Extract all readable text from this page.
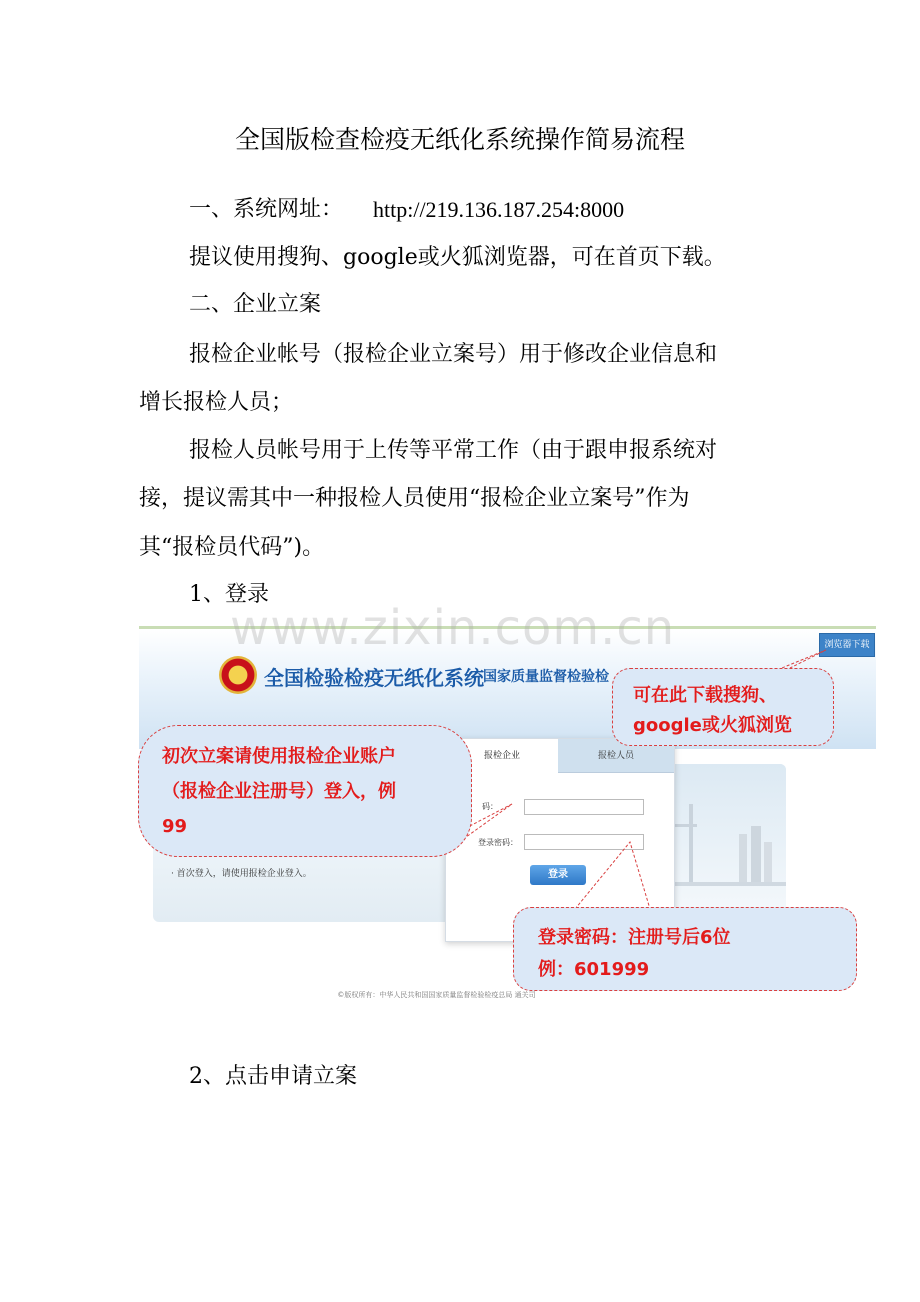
全国版检查检疫无纸化系统操作简易流程
一、系统网址： http://219.136.187.254:8000
提议使用搜狗、google或火狐浏览器，可在首页下载。
二、企业立案
报检企业帐号（报检企业立案号）用于修改企业信息和
增长报检人员；
报检人员帐号用于上传等平常工作（由于跟申报系统对
接，提议需其中一种报检人员使用“报检企业立案号”作为
其“报检员代码”)。
1、登录
全国检验检疫无纸化系统 国家质量监督检验检
浏览器下载
· 首次登入，请使用报检企业登入。
报检企业	报检人员
码：
登录密码：
登录
©版权所有：中华人民共和国国家质量监督检验检疫总局 通关司
www.zixin.com.cn
可在此下载搜狗、
google或火狐浏览
初次立案请使用报检企业账户
（报检企业注册号）登入，例
99
登录密码：注册号后6位
例：601999
2、点击申请立案
